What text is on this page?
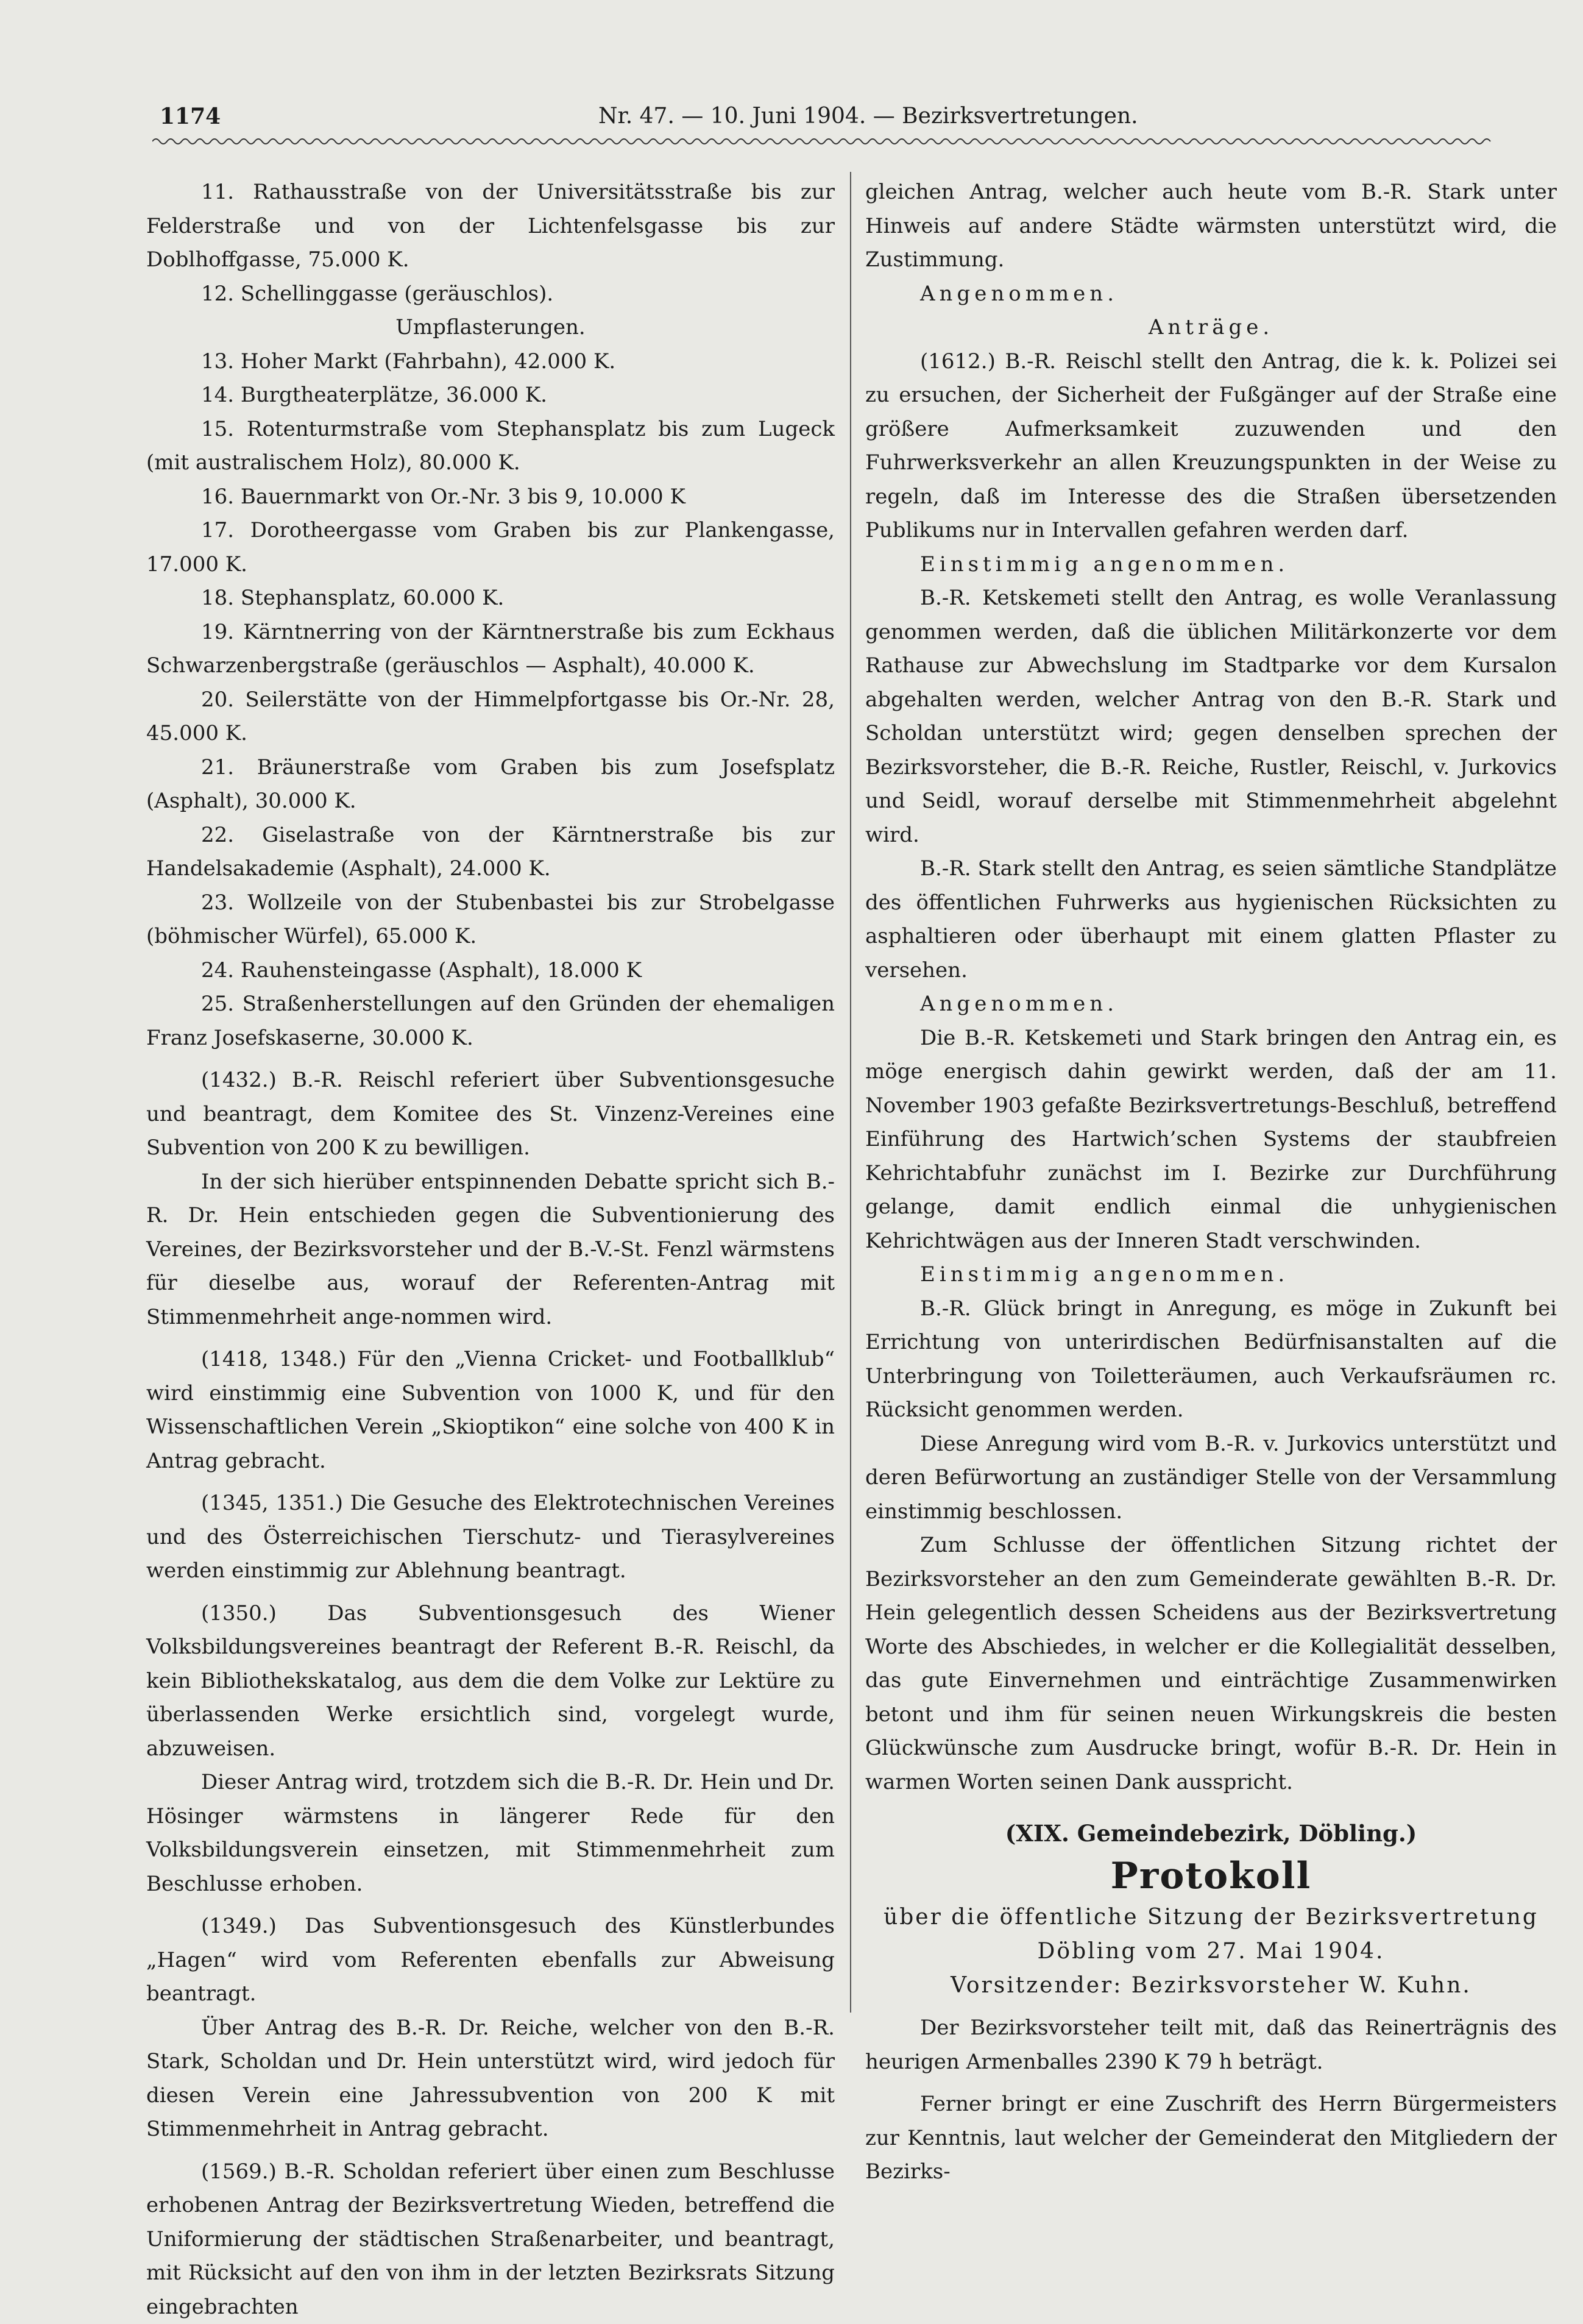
1174	Nr. 47. — 10. Juni 1904. — Bezirksvertretungen.

11. Rathausstraße von der Universitätsstraße bis zur Felderstraße und von der Lichtenfelsgasse bis zur Doblhoffgasse, 75.000 K.

12. Schellinggasse (geräuschlos).

Umpflasterungen.

13. Hoher Markt (Fahrbahn), 42.000 K.

14. Burgtheaterplätze, 36.000 K.

15. Rotenturmstraße vom Stephansplatz bis zum Lugeck (mit australischem Holz), 80.000 K.

16. Bauernmarkt von Or.-Nr. 3 bis 9, 10.000 K

17. Dorotheergasse vom Graben bis zur Plankengasse, 17.000 K.

18. Stephansplatz, 60.000 K.

19. Kärntnerring von der Kärntnerstraße bis zum Eckhaus Schwarzenbergstraße (geräuschlos — Asphalt), 40.000 K.

20. Seilerstätte von der Himmelpfortgasse bis Or.-Nr. 28, 45.000 K.

21. Bräunerstraße vom Graben bis zum Josefsplatz (Asphalt), 30.000 K.

22. Giselastraße von der Kärntnerstraße bis zur Handelsakademie (Asphalt), 24.000 K.

23. Wollzeile von der Stubenbastei bis zur Strobelgasse (böhmischer Würfel), 65.000 K.

24. Rauhensteingasse (Asphalt), 18.000 K

25. Straßenherstellungen auf den Gründen der ehemaligen Franz Josefskaserne, 30.000 K.

(1432.) B.-R. Reischl referiert über Subventionsgesuche und beantragt, dem Komitee des St. Vinzenz-Vereines eine Subvention von 200 K zu bewilligen.

In der sich hierüber entspinnenden Debatte spricht sich B.-R. Dr. Hein entschieden gegen die Subventionierung des Vereines, der Bezirksvorsteher und der B.-V.-St. Fenzl wärmstens für dieselbe aus, worauf der Referenten-Antrag mit Stimmenmehrheit ange-nommen wird.

(1418, 1348.) Für den „Vienna Cricket- und Footballklub“ wird einstimmig eine Subvention von 1000 K, und für den Wissenschaftlichen Verein „Skioptikon“ eine solche von 400 K in Antrag gebracht.

(1345, 1351.) Die Gesuche des Elektrotechnischen Vereines und des Österreichischen Tierschutz- und Tierasylvereines werden einstimmig zur Ablehnung beantragt.

(1350.) Das Subventionsgesuch des Wiener Volksbildungsvereines beantragt der Referent B.-R. Reischl, da kein Bibliothekskatalog, aus dem die dem Volke zur Lektüre zu überlassenden Werke ersichtlich sind, vorgelegt wurde, abzuweisen.

Dieser Antrag wird, trotzdem sich die B.-R. Dr. Hein und Dr. Hösinger wärmstens in längerer Rede für den Volksbildungsverein einsetzen, mit Stimmenmehrheit zum Beschlusse erhoben.

(1349.) Das Subventionsgesuch des Künstlerbundes „Hagen“ wird vom Referenten ebenfalls zur Abweisung beantragt.

Über Antrag des B.-R. Dr. Reiche, welcher von den B.-R. Stark, Scholdan und Dr. Hein unterstützt wird, wird jedoch für diesen Verein eine Jahressubvention von 200 K mit Stimmenmehrheit in Antrag gebracht.

(1569.) B.-R. Scholdan referiert über einen zum Beschlusse erhobenen Antrag der Bezirksvertretung Wieden, betreffend die Uniformierung der städtischen Straßenarbeiter, und beantragt, mit Rücksicht auf den von ihm in der letzten Bezirksrats Sitzung eingebrachten

gleichen Antrag, welcher auch heute vom B.-R. Stark unter Hinweis auf andere Städte wärmsten unterstützt wird, die Zustimmung.

Angenommen.

Anträge.

(1612.) B.-R. Reischl stellt den Antrag, die k. k. Polizei sei zu ersuchen, der Sicherheit der Fußgänger auf der Straße eine größere Aufmerksamkeit zuzuwenden und den Fuhrwerksverkehr an allen Kreuzungspunkten in der Weise zu regeln, daß im Interesse des die Straßen übersetzenden Publikums nur in Intervallen gefahren werden darf.

Einstimmig angenommen.

B.-R. Ketskemeti stellt den Antrag, es wolle Veranlassung genommen werden, daß die üblichen Militärkonzerte vor dem Rathause zur Abwechslung im Stadtparke vor dem Kursalon abgehalten werden, welcher Antrag von den B.-R. Stark und Scholdan unterstützt wird; gegen denselben sprechen der Bezirksvorsteher, die B.-R. Reiche, Rustler, Reischl, v. Jurkovics und Seidl, worauf derselbe mit Stimmenmehrheit abgelehnt wird.

B.-R. Stark stellt den Antrag, es seien sämtliche Standplätze des öffentlichen Fuhrwerks aus hygienischen Rücksichten zu asphaltieren oder überhaupt mit einem glatten Pflaster zu versehen.

Angenommen.

Die B.-R. Ketskemeti und Stark bringen den Antrag ein, es möge energisch dahin gewirkt werden, daß der am 11. November 1903 gefaßte Bezirksvertretungs-Beschluß, betreffend Einführung des Hartwich’schen Systems der staubfreien Kehrichtabfuhr zunächst im I. Bezirke zur Durchführung gelange, damit endlich einmal die unhygienischen Kehrichtwägen aus der Inneren Stadt verschwinden.

Einstimmig angenommen.

B.-R. Glück bringt in Anregung, es möge in Zukunft bei Errichtung von unterirdischen Bedürfnisanstalten auf die Unterbringung von Toiletteräumen, auch Verkaufsräumen rc. Rücksicht genommen werden.

Diese Anregung wird vom B.-R. v. Jurkovics unterstützt und deren Befürwortung an zuständiger Stelle von der Versammlung einstimmig beschlossen.

Zum Schlusse der öffentlichen Sitzung richtet der Bezirksvorsteher an den zum Gemeinderate gewählten B.-R. Dr. Hein gelegentlich dessen Scheidens aus der Bezirksvertretung Worte des Abschiedes, in welcher er die Kollegialität desselben, das gute Einvernehmen und einträchtige Zusammenwirken betont und ihm für seinen neuen Wirkungskreis die besten Glückwünsche zum Ausdrucke bringt, wofür B.-R. Dr. Hein in warmen Worten seinen Dank ausspricht.

(XIX. Gemeindebezirk, Döbling.)

Protokoll

über die öffentliche Sitzung der Bezirksvertretung

Döbling vom 27. Mai 1904.

Vorsitzender: Bezirksvorsteher W. Kuhn.

Der Bezirksvorsteher teilt mit, daß das Reinerträgnis des heurigen Armenballes 2390 K 79 h beträgt.

Ferner bringt er eine Zuschrift des Herrn Bürgermeisters zur Kenntnis, laut welcher der Gemeinderat den Mitgliedern der Bezirks-
